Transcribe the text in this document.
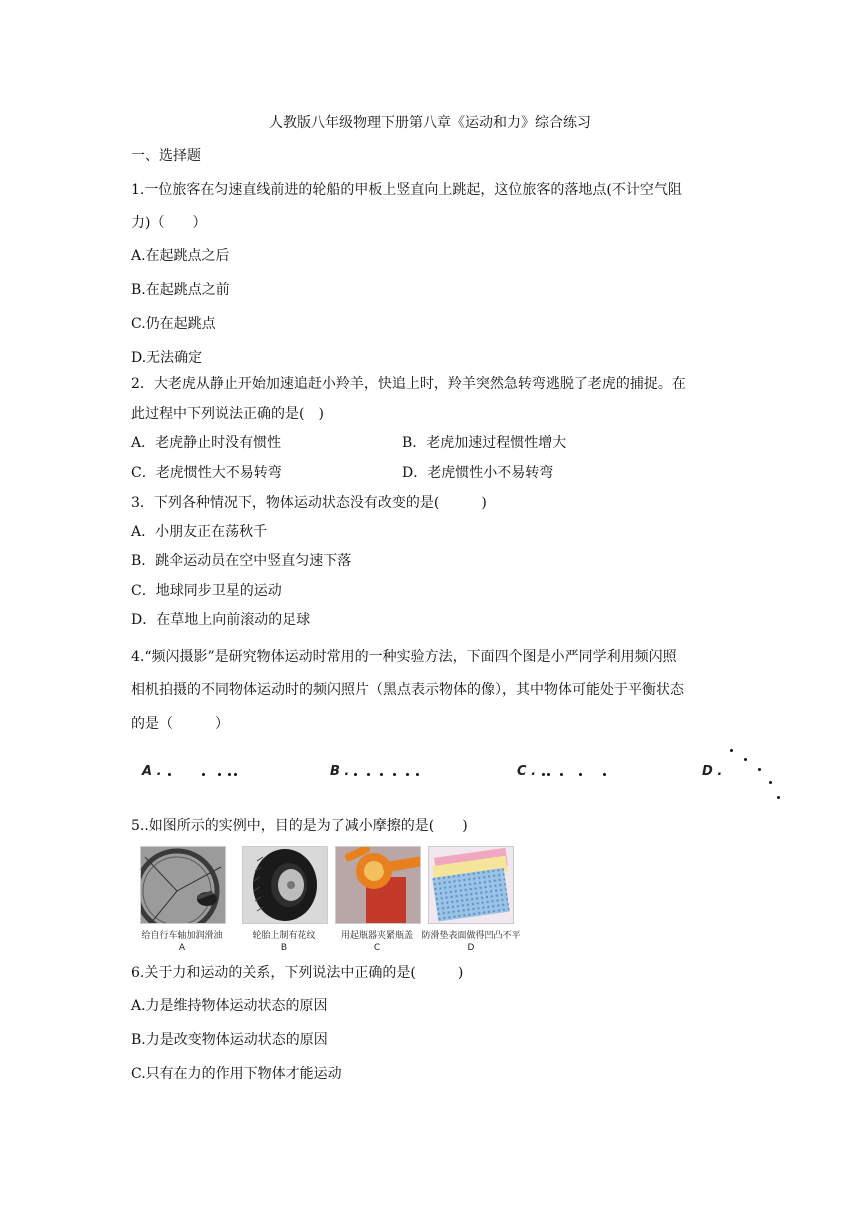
人教版八年级物理下册第八章《运动和力》综合练习
一、选择题
1.一位旅客在匀速直线前进的轮船的甲板上竖直向上跳起，这位旅客的落地点(不计空气阻
力)（　　）
A.在起跳点之后
B.在起跳点之前
C.仍在起跳点
D.无法确定
2．大老虎从静止开始加速追赶小羚羊，快追上时，羚羊突然急转弯逃脱了老虎的捕捉。在
此过程中下列说法正确的是(　)
A．老虎静止时没有惯性	B．老虎加速过程惯性增大
C．老虎惯性大不易转弯	D．老虎惯性小不易转弯
3．下列各种情况下，物体运动状态没有改变的是(　　　)
A．小朋友正在荡秋千
B．跳伞运动员在空中竖直匀速下落
C．地球同步卫星的运动
D．在草地上向前滚动的足球
4.“频闪摄影”是研究物体运动时常用的一种实验方法，下面四个图是小严同学利用频闪照
相机拍摄的不同物体运动时的频闪照片（黑点表示物体的像），其中物体可能处于平衡状态
的是（　　　）
A .	B .	C .	D .
5..如图所示的实例中，目的是为了减小摩擦的是(　　)
给自行车轴加润滑油
A
轮胎上制有花纹
B
用起瓶器夹紧瓶盖
C
防滑垫表面做得凹凸不平
D
6.关于力和运动的关系，下列说法中正确的是(　　　)
A.力是维持物体运动状态的原因
B.力是改变物体运动状态的原因
C.只有在力的作用下物体才能运动
